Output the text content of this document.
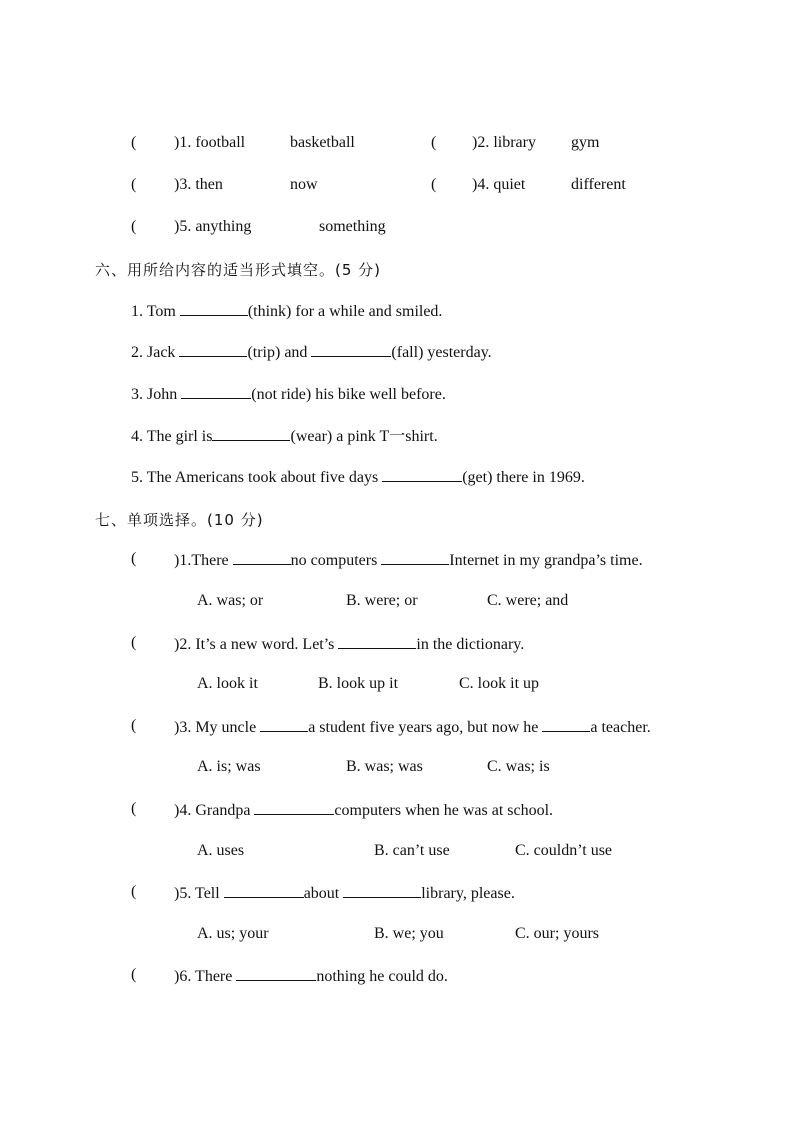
( )1. football	basketball	( )2. library gym
( )3. then	now	( )4. quiet	different
( )5. anything	something
六、用所给内容的适当形式填空。(5 分)
1. Tom	(think) for a while and smiled.
2. Jack	(trip) and	(fall) yesterday.
3. John	(not ride) his bike well before.
4. The girl is	(wear) a pink T一shirt.
5. The Americans took about five days	(get) there in 1969.
七、单项选择。(10 分)
( )1.There	no computers	Internet in my grandpa’s time.
A. was; or	B. were; or	C. were; and
( )2. It’s a new word. Let’s	in the dictionary.
A. look it	B. look up it	C. look it up
( )3. My uncle	a student five years ago, but now he	a teacher.
A. is; was	B. was; was	C. was; is
( )4. Grandpa	computers when he was at school.
A. uses	B. can’t use	C. couldn’t use
( )5. Tell	about	library, please.
A. us; your	B. we; you	C. our; yours
( )6. There	nothing he could do.
